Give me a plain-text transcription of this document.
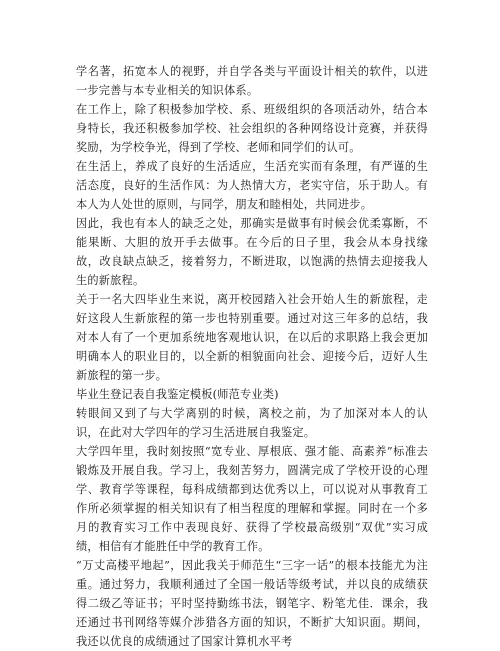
学名著，拓宽本人的视野，并自学各类与平面设计相关的软件，以进一步完善与本专业相关的知识体系。

在工作上，除了积极参加学校、系、班级组织的各项活动外，结合本身特长，我还积极参加学校、社会组织的各种网络设计竞赛，并获得奖励，为学校争光，得到了学校、老师和同学们的认可。

在生活上，养成了良好的生活适应，生活充实而有条理，有严谨的生活态度，良好的生活作风：为人热情大方，老实守信，乐于助人。有本人为人处世的原则，与同学，朋友和睦相处，共同进步。

因此，我也有本人的缺乏之处，那确实是做事有时候会优柔寡断，不能果断、大胆的放开手去做事。在今后的日子里，我会从本身找缘故，改良缺点缺乏，接着努力，不断进取，以饱满的热情去迎接我人生的新旅程。

关于一名大四毕业生来说，离开校园踏入社会开始人生的新旅程，走好这段人生新旅程的第一步也特别重要。通过对这三年多的总结，我对本人有了一个更加系统地客观地认识，在以后的求职路上我会更加明确本人的职业目的，以全新的相貌面向社会、迎接今后，迈好人生新旅程的第一步。

毕业生登记表自我鉴定模板(师范专业类)

转眼间又到了与大学离别的时候，离校之前，为了加深对本人的认识，在此对大学四年的学习生活进展自我鉴定。

大学四年里，我时刻按照“宽专业、厚根底、强才能、高素养”标准去锻炼及开展自我。学习上，我刻苦努力，圆满完成了学校开设的心理学、教育学等课程，每科成绩都到达优秀以上，可以说对从事教育工作所必须掌握的相关知识有了相当程度的理解和掌握。同时在一个多月的教育实习工作中表现良好、获得了学校最高级别“双优”实习成绩，相信有才能胜任中学的教育工作。

“万丈高楼平地起”，因此我关于师范生“三字一话”的根本技能尤为注重。通过努力，我顺利通过了全国一般话等级考试，并以良的成绩获得二级乙等证书；平时坚持勤练书法，钢笔字、粉笔尤佳．课余，我还通过书刊网络等媒介涉猎各方面的知识，不断扩大知识面。期间，我还以优良的成绩通过了国家计算机水平考
